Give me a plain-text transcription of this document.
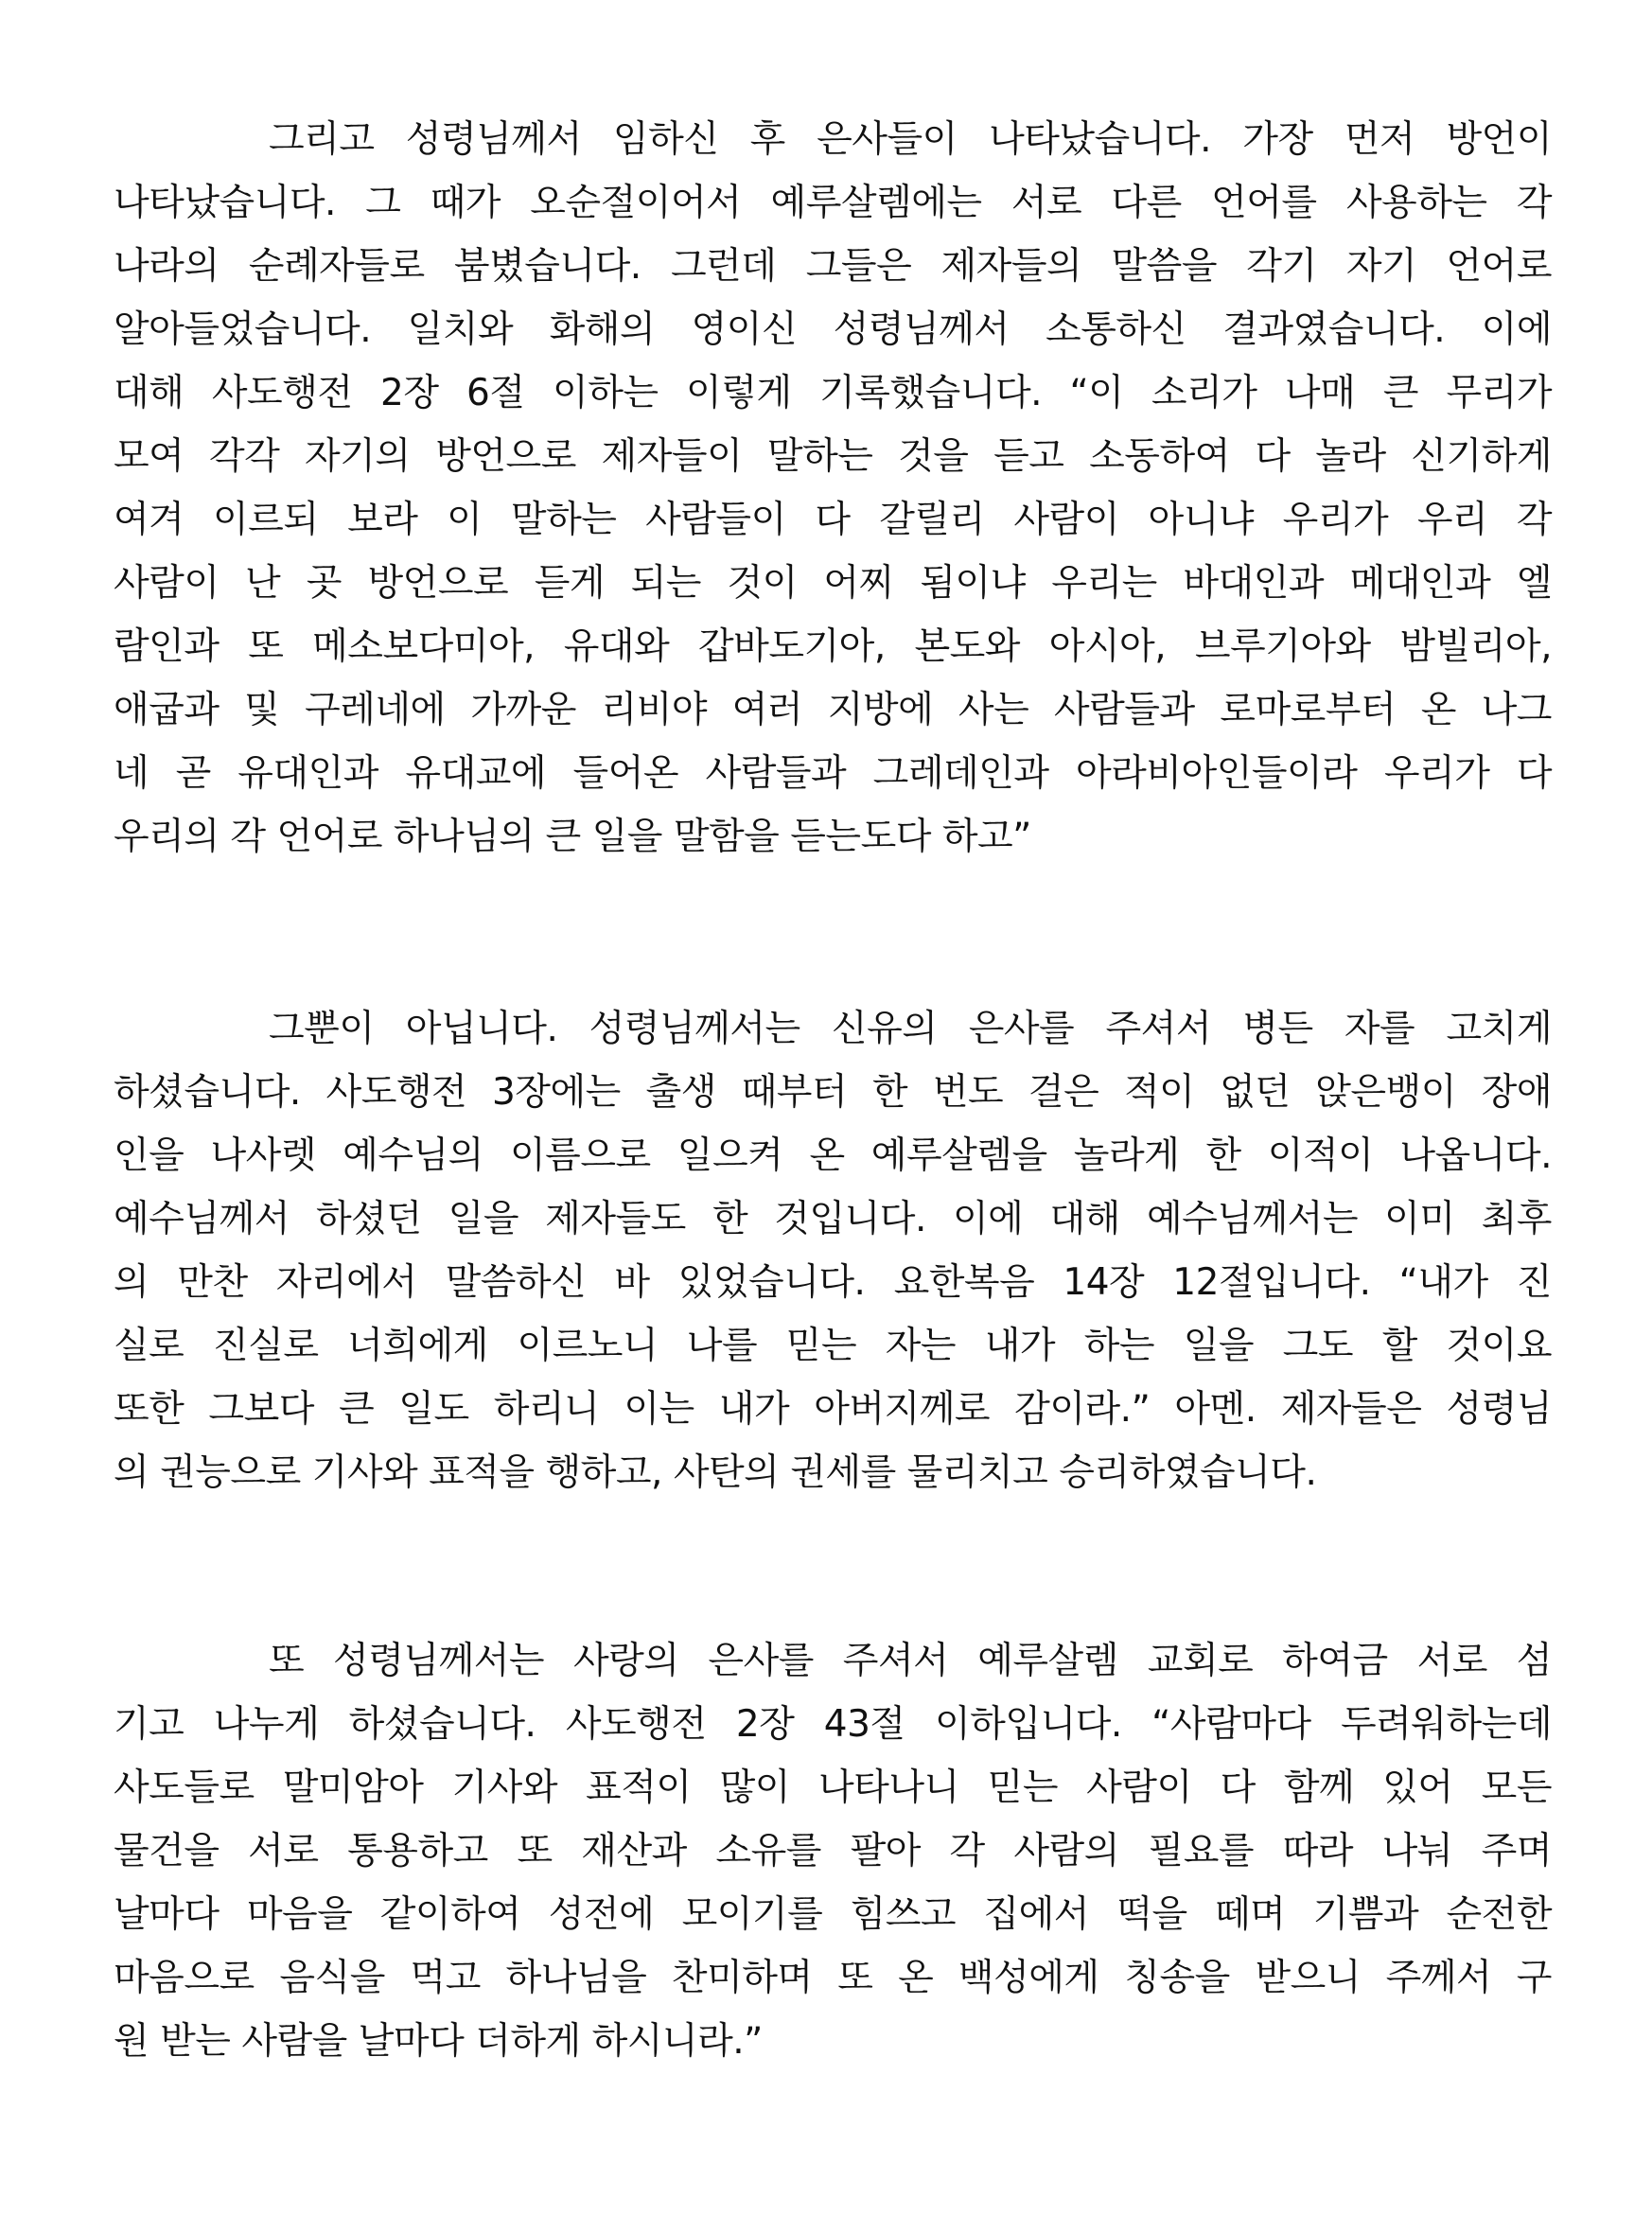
그리고 성령님께서 임하신 후 은사들이 나타났습니다. 가장 먼저 방언이
나타났습니다. 그 때가 오순절이어서 예루살렘에는 서로 다른 언어를 사용하는 각
나라의 순례자들로 붐볐습니다. 그런데 그들은 제자들의 말씀을 각기 자기 언어로
알아들었습니다. 일치와 화해의 영이신 성령님께서 소통하신 결과였습니다. 이에
대해 사도행전 2장 6절 이하는 이렇게 기록했습니다. “이 소리가 나매 큰 무리가
모여 각각 자기의 방언으로 제자들이 말하는 것을 듣고 소동하여 다 놀라 신기하게
여겨 이르되 보라 이 말하는 사람들이 다 갈릴리 사람이 아니냐 우리가 우리 각
사람이 난 곳 방언으로 듣게 되는 것이 어찌 됨이냐 우리는 바대인과 메대인과 엘
람인과 또 메소보다미아, 유대와 갑바도기아, 본도와 아시아, 브루기아와 밤빌리아,
애굽과 및 구레네에 가까운 리비야 여러 지방에 사는 사람들과 로마로부터 온 나그
네 곧 유대인과 유대교에 들어온 사람들과 그레데인과 아라비아인들이라 우리가 다
우리의 각 언어로 하나님의 큰 일을 말함을 듣는도다 하고”
그뿐이 아닙니다. 성령님께서는 신유의 은사를 주셔서 병든 자를 고치게
하셨습니다. 사도행전 3장에는 출생 때부터 한 번도 걸은 적이 없던 앉은뱅이 장애
인을 나사렛 예수님의 이름으로 일으켜 온 예루살렘을 놀라게 한 이적이 나옵니다.
예수님께서 하셨던 일을 제자들도 한 것입니다. 이에 대해 예수님께서는 이미 최후
의 만찬 자리에서 말씀하신 바 있었습니다. 요한복음 14장 12절입니다. “내가 진
실로 진실로 너희에게 이르노니 나를 믿는 자는 내가 하는 일을 그도 할 것이요
또한 그보다 큰 일도 하리니 이는 내가 아버지께로 감이라.” 아멘. 제자들은 성령님
의 권능으로 기사와 표적을 행하고, 사탄의 권세를 물리치고 승리하였습니다.
또 성령님께서는 사랑의 은사를 주셔서 예루살렘 교회로 하여금 서로 섬
기고 나누게 하셨습니다. 사도행전 2장 43절 이하입니다. “사람마다 두려워하는데
사도들로 말미암아 기사와 표적이 많이 나타나니 믿는 사람이 다 함께 있어 모든
물건을 서로 통용하고 또 재산과 소유를 팔아 각 사람의 필요를 따라 나눠 주며
날마다 마음을 같이하여 성전에 모이기를 힘쓰고 집에서 떡을 떼며 기쁨과 순전한
마음으로 음식을 먹고 하나님을 찬미하며 또 온 백성에게 칭송을 받으니 주께서 구
원 받는 사람을 날마다 더하게 하시니라.”
